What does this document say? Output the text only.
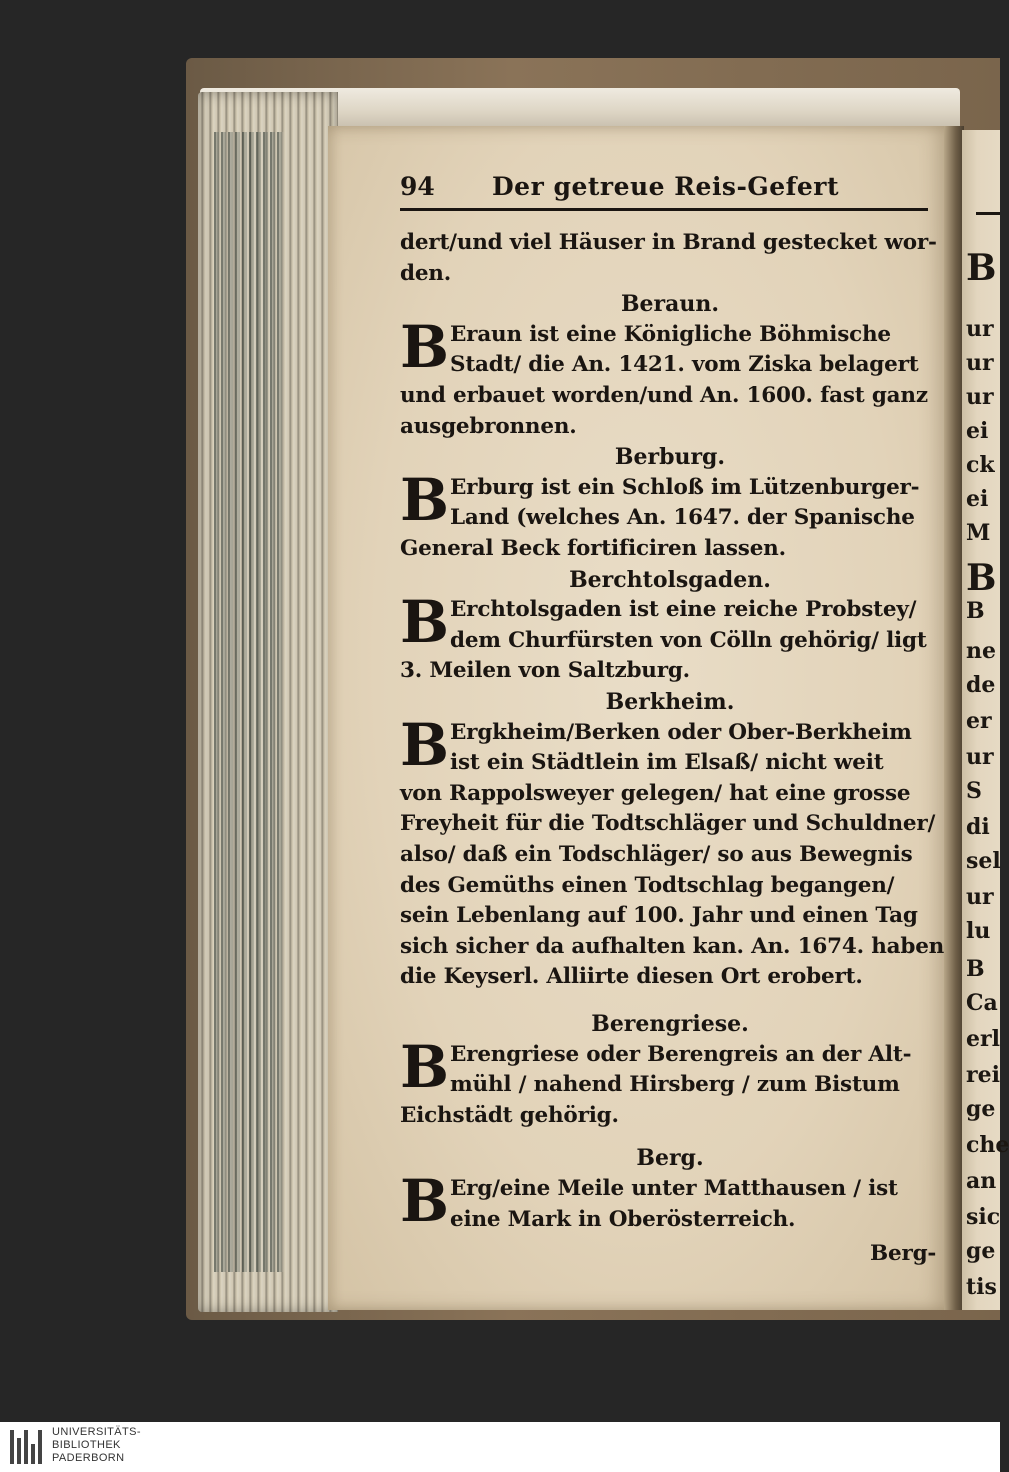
B
ur
ur
ur
ei
ck
ei
M
B
B
ne
de
er
ur
S
di
sel
ur
lu
B
Ca
erl
rei
ge
che
an
sic
ge
tis
94 Der getreue Reis-Gefert
dert/und viel Häuser in Brand gestecket wor-
den.
Beraun.
Eraun ist eine Königliche Böhmische
Stadt/ die An. 1421. vom Ziska belagert
und erbauet worden/und An. 1600. fast ganz
ausgebronnen.
B
Berburg.
Erburg ist ein Schloß im Lützenburger-
Land (welches An. 1647. der Spanische
General Beck fortificiren lassen.
B
Berchtolsgaden.
Erchtolsgaden ist eine reiche Probstey/
dem Churfürsten von Cölln gehörig/ ligt
3. Meilen von Saltzburg.
B
Berkheim.
Ergkheim/Berken oder Ober-Berkheim
ist ein Städtlein im Elsaß/ nicht weit
von Rappolsweyer gelegen/ hat eine grosse
Freyheit für die Todtschläger und Schuldner/
also/ daß ein Todschläger/ so aus Bewegnis
des Gemüths einen Todtschlag begangen/
sein Lebenlang auf 100. Jahr und einen Tag
sich sicher da aufhalten kan. An. 1674. haben
die Keyserl. Alliirte diesen Ort erobert.
B
Berengriese.
Erengriese oder Berengreis an der Alt-
mühl / nahend Hirsberg / zum Bistum
Eichstädt gehörig.
B
Berg.
Erg/eine Meile unter Matthausen / ist
eine Mark in Oberösterreich.
B
Berg-
UNIVERSITÄTS-
BIBLIOTHEK
PADERBORN
